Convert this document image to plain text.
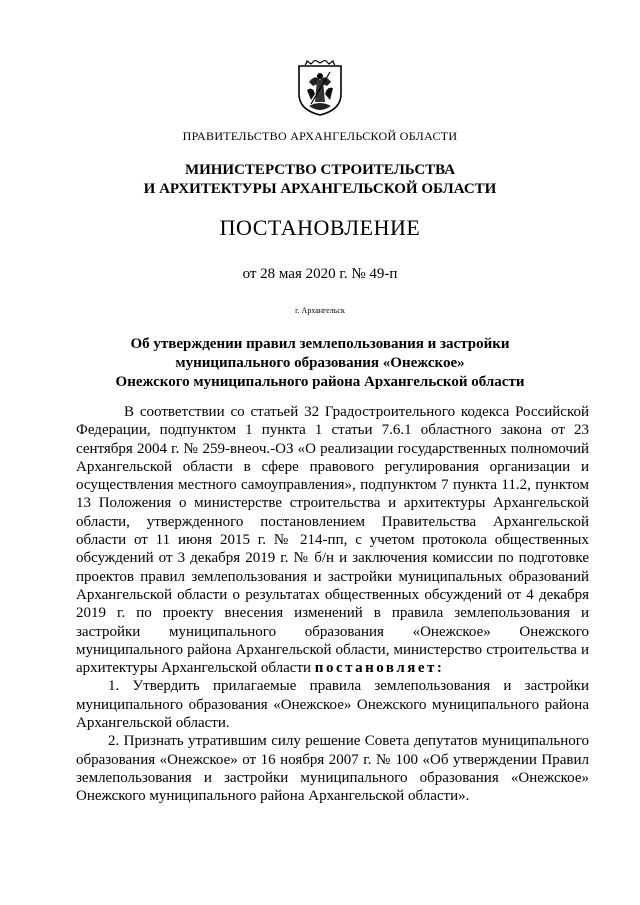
ПРАВИТЕЛЬСТВО АРХАНГЕЛЬСКОЙ ОБЛАСТИ
МИНИСТЕРСТВО СТРОИТЕЛЬСТВА
И АРХИТЕКТУРЫ АРХАНГЕЛЬСКОЙ ОБЛАСТИ
ПОСТАНОВЛЕНИЕ
от 28 мая 2020 г. № 49-п
г. Архангельск
Об утверждении правил землепользования и застройки
муниципального образования «Онежское»
Онежского муниципального района Архангельской области

В соответствии со статьей 32 Градостроительного кодекса Российской Федерации, подпунктом 1 пункта 1 статьи 7.6.1 областного закона от 23 сентября 2004 г. № 259-внеоч.-ОЗ «О реализации государственных полномочий Архангельской области в сфере правового регулирования организации и осуществления местного самоуправления», подпунктом 7 пункта 11.2, пунктом 13 Положения о министерстве строительства и архитектуры Архангельской области, утвержденного постановлением Правительства Архангельской области от 11 июня 2015 г. № 214-пп, с учетом протокола общественных обсуждений от 3 декабря 2019 г. № б/н и заключения комиссии по подготовке проектов правил землепользования и застройки муниципальных образований Архангельской области о результатах общественных обсуждений от 4 декабря 2019 г. по проекту внесения изменений в правила землепользования и застройки муниципального образования «Онежское» Онежского муниципального района Архангельской области, министерство строительства и архитектуры Архангельской области постановляет:

1. Утвердить прилагаемые правила землепользования и застройки муниципального образования «Онежское» Онежского муниципального района Архангельской области.

2. Признать утратившим силу решение Совета депутатов муниципального образования «Онежское» от 16 ноября 2007 г. № 100 «Об утверждении Правил землепользования и застройки муниципального образования «Онежское» Онежского муниципального района Архангельской области».
